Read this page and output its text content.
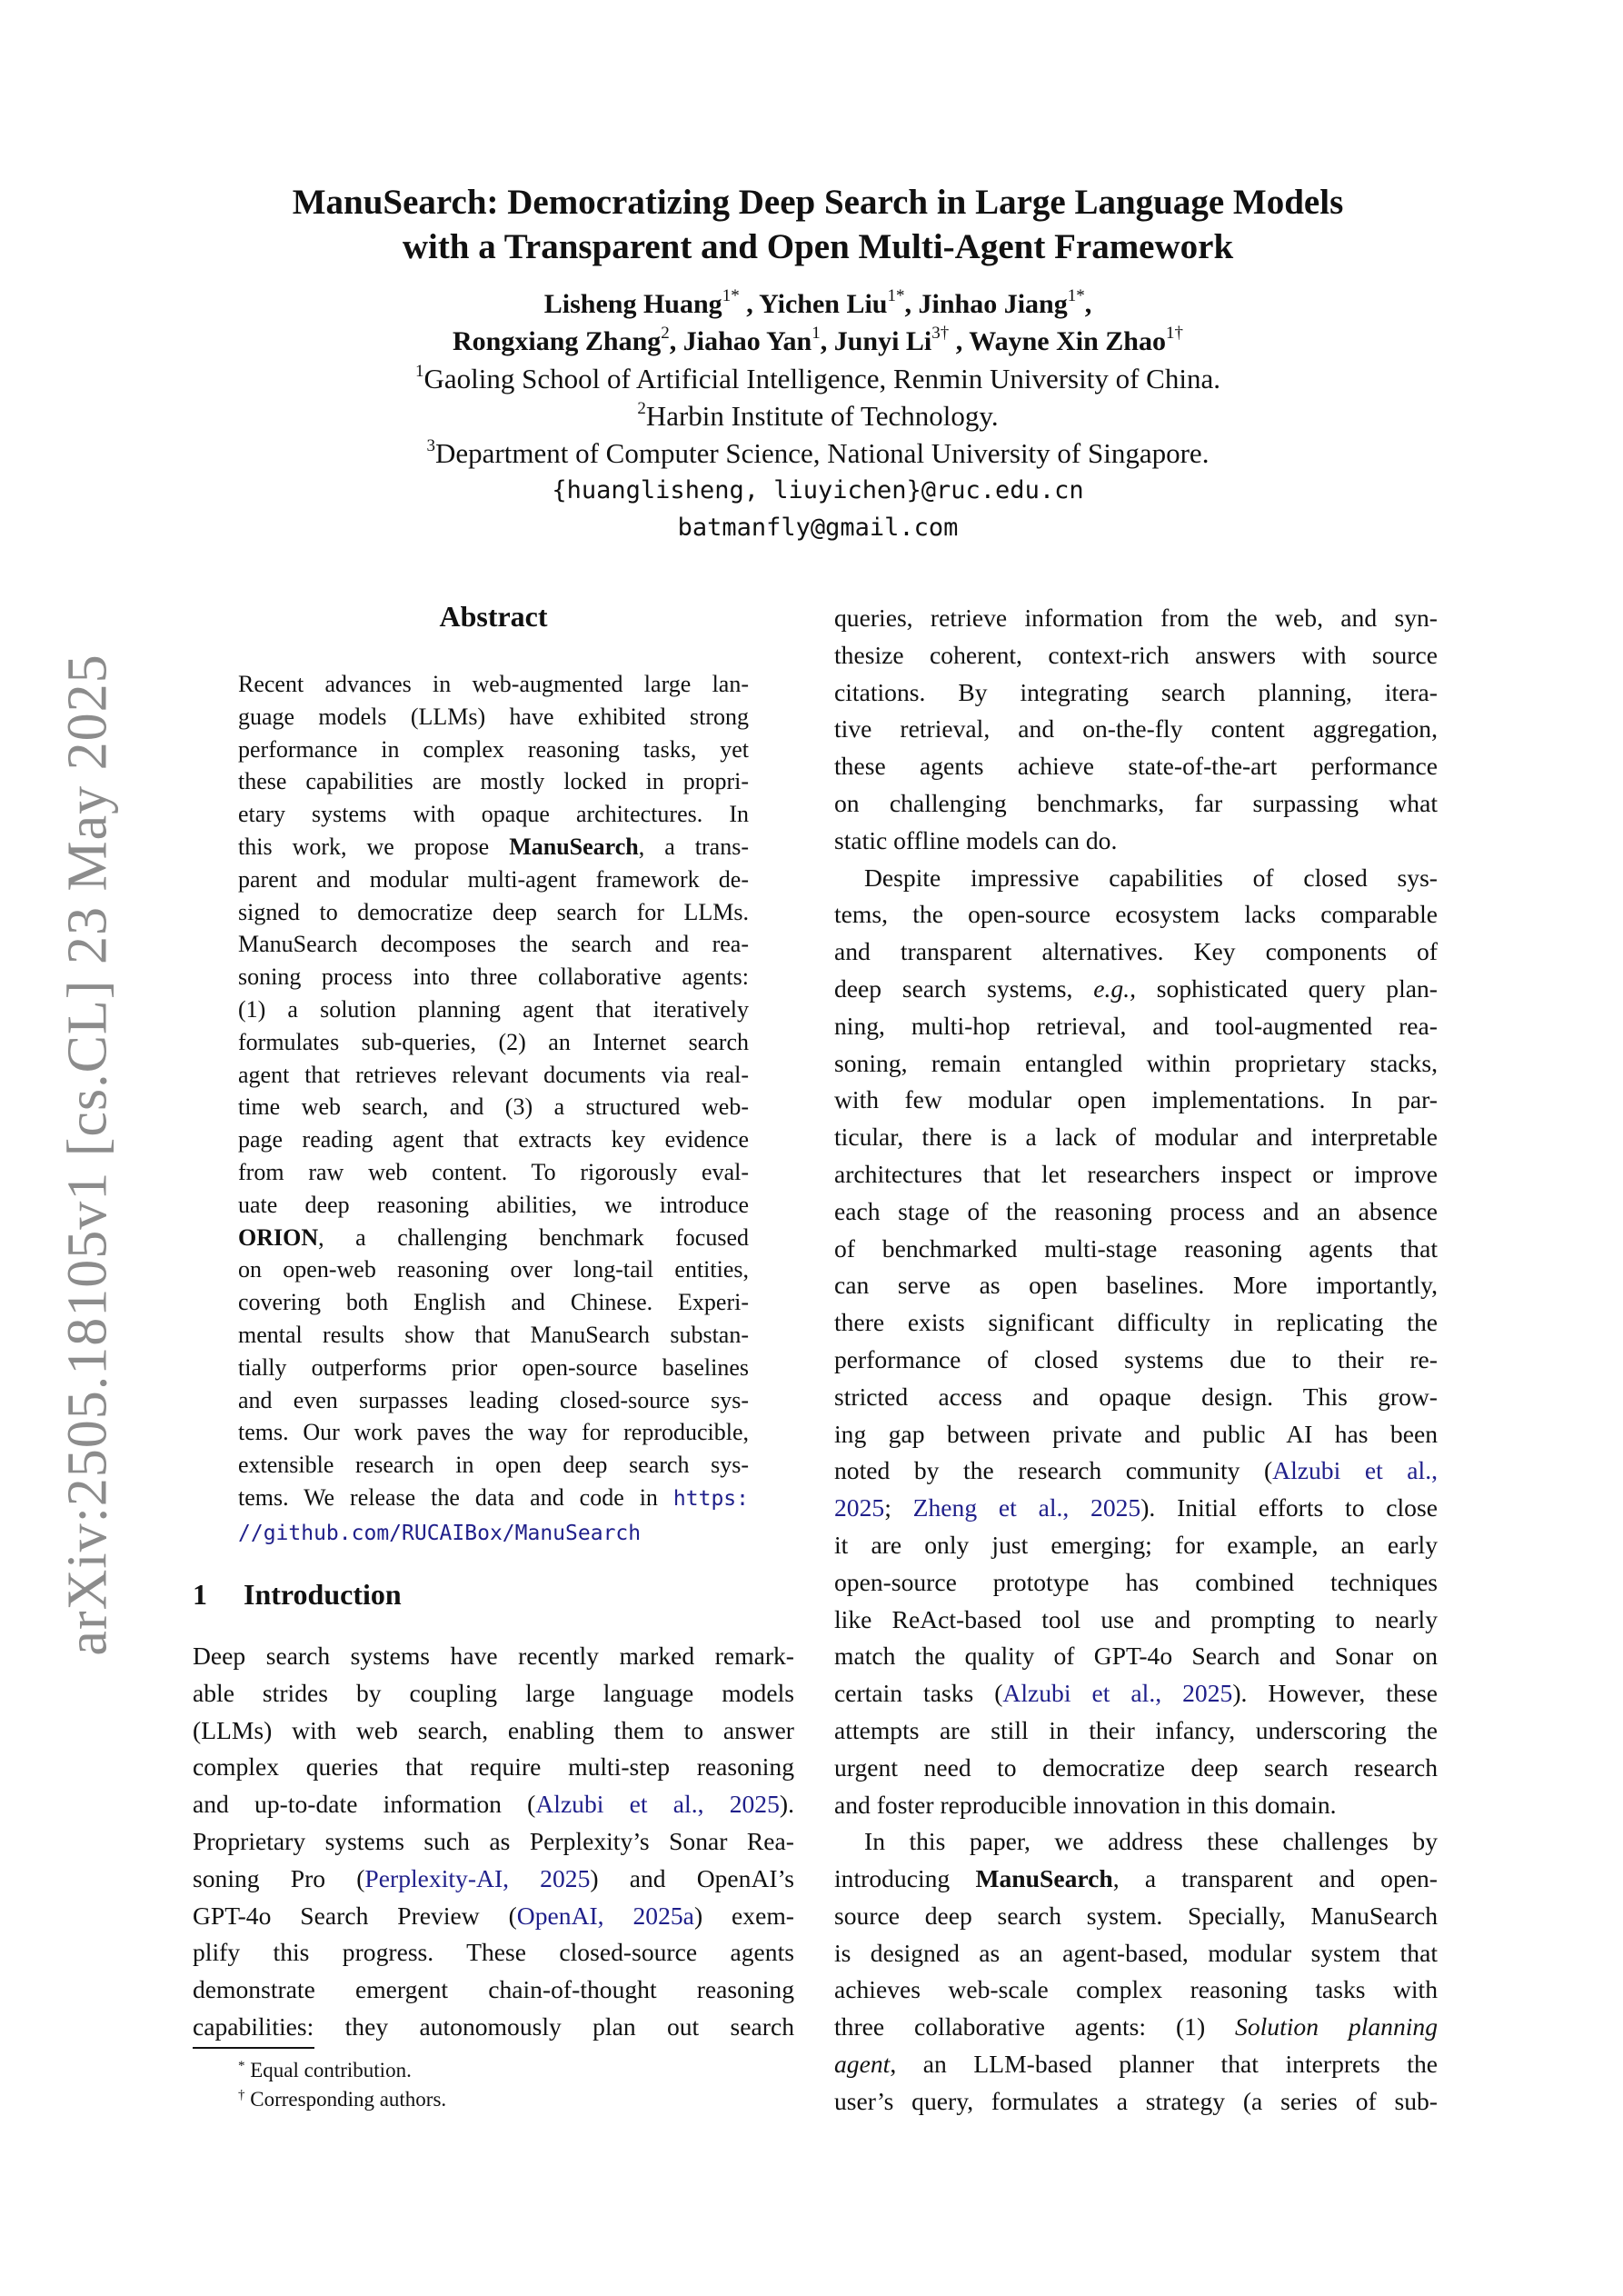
arXiv:2505.18105v1 [cs.CL] 23 May 2025
ManuSearch: Democratizing Deep Search in Large Language Models
with a Transparent and Open Multi-Agent Framework
Lisheng Huang$^{1*}$ , Yichen Liu$^{1*}$, Jinhao Jiang$^{1*}$,
Rongxiang Zhang$^2$, Jiahao Yan$^1$, Junyi $Li^{3\dagger}$ , Wayne Xin Zhao$^{1\dagger}$
$^1$Gaoling School of Artificial Intelligence, Renmin University of China.
$^2$Harbin Institute of Technology.
$^3$Department of Computer Science, National University of Singapore.
{huanglisheng, liuyichen}@ruc.edu.cn
batmanfly@gmail.com
Abstract
Recent advances in web-augmented large lan-
guage models (LLMs) have exhibited strong
performance in complex reasoning tasks, yet
these capabilities are mostly locked in propri-
etary systems with opaque architectures. In
this work, we propose ManuSearch, a trans-
parent and modular multi-agent framework de-
signed to democratize deep search for LLMs.
ManuSearch decomposes the search and rea-
soning process into three collaborative agents:
(1) a solution planning agent that iteratively
formulates sub-queries, (2) an Internet search
agent that retrieves relevant documents via real-
time web search, and (3) a structured web-
page reading agent that extracts key evidence
from raw web content. To rigorously eval-
uate deep reasoning abilities, we introduce
ORION, a challenging benchmark focused
on open-web reasoning over long-tail entities,
covering both English and Chinese. Experi-
mental results show that ManuSearch substan-
tially outperforms prior open-source baselines
and even surpasses leading closed-source sys-
tems. Our work paves the way for reproducible,
extensible research in open deep search sys-
tems. We release the data and code in https:
//github.com/RUCAIBox/ManuSearch
1 Introduction
Deep search systems have recently marked remark-
able strides by coupling large language models
(LLMs) with web search, enabling them to answer
complex queries that require multi-step reasoning
and up-to-date information (Alzubi et al., 2025).
Proprietary systems such as Perplexity’s Sonar Rea-
soning Pro (Perplexity-AI, 2025) and OpenAI’s
GPT-4o Search Preview (OpenAI, 2025a) exem-
plify this progress. These closed-source agents
demonstrate emergent chain-of-thought reasoning
capabilities: they autonomously plan out search
* Equal contribution.
† Corresponding authors.
queries, retrieve information from the web, and syn-
thesize coherent, context-rich answers with source
citations. By integrating search planning, itera-
tive retrieval, and on-the-fly content aggregation,
these agents achieve state-of-the-art performance
on challenging benchmarks, far surpassing what
static offline models can do.
Despite impressive capabilities of closed sys-
tems, the open-source ecosystem lacks comparable
and transparent alternatives. Key components of
deep search systems, e.g., sophisticated query plan-
ning, multi-hop retrieval, and tool-augmented rea-
soning, remain entangled within proprietary stacks,
with few modular open implementations. In par-
ticular, there is a lack of modular and interpretable
architectures that let researchers inspect or improve
each stage of the reasoning process and an absence
of benchmarked multi-stage reasoning agents that
can serve as open baselines. More importantly,
there exists significant difficulty in replicating the
performance of closed systems due to their re-
stricted access and opaque design. This grow-
ing gap between private and public AI has been
noted by the research community (Alzubi et al.,
2025; Zheng et al., 2025). Initial efforts to close
it are only just emerging; for example, an early
open-source prototype has combined techniques
like ReAct-based tool use and prompting to nearly
match the quality of GPT-4o Search and Sonar on
certain tasks (Alzubi et al., 2025). However, these
attempts are still in their infancy, underscoring the
urgent need to democratize deep search research
and foster reproducible innovation in this domain.
In this paper, we address these challenges by
introducing ManuSearch, a transparent and open-
source deep search system. Specially, ManuSearch
is designed as an agent-based, modular system that
achieves web-scale complex reasoning tasks with
three collaborative agents: (1) Solution planning
agent, an LLM-based planner that interprets the
user’s query, formulates a strategy (a series of sub-
